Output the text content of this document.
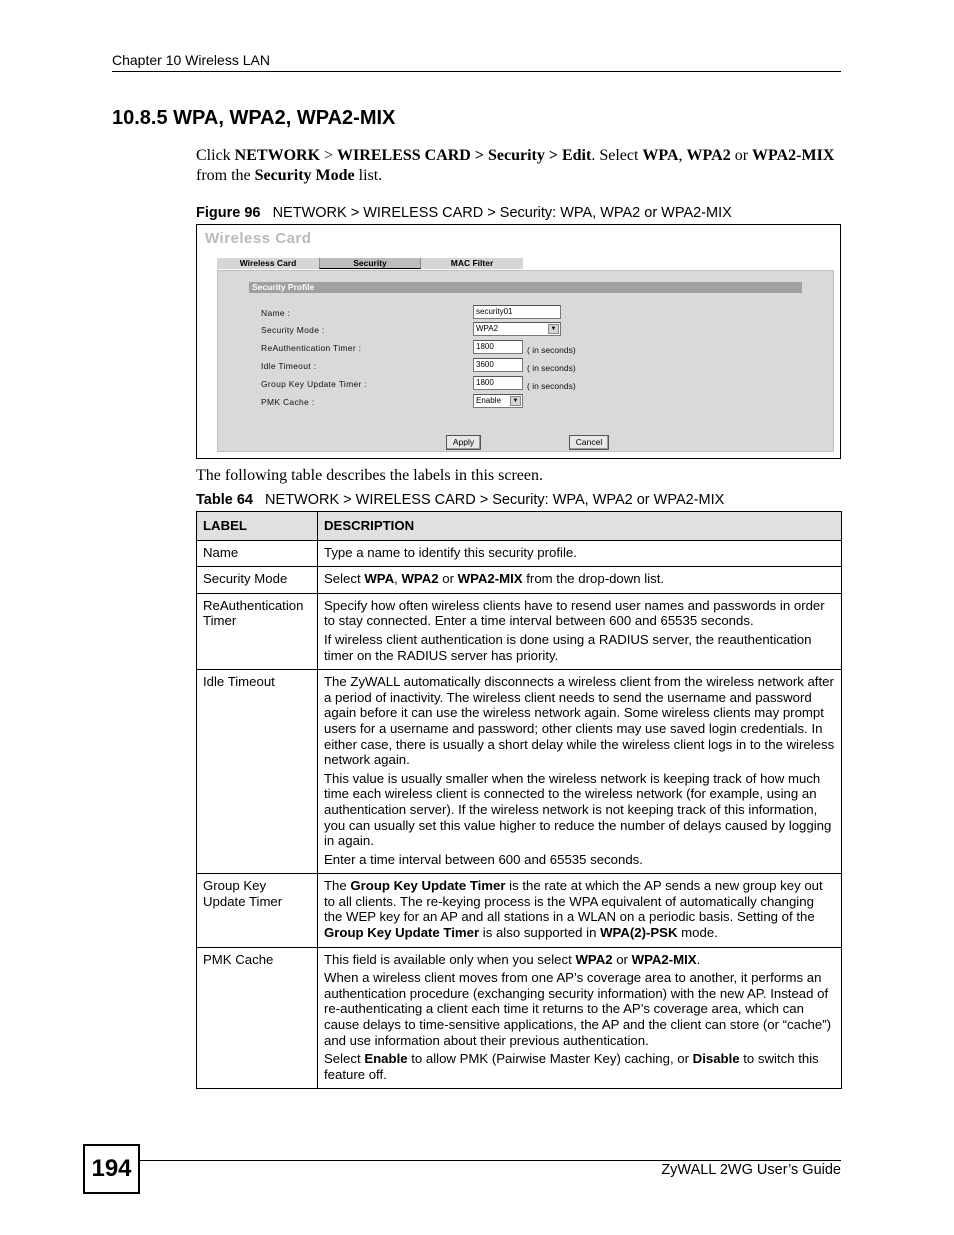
Chapter 10 Wireless LAN
10.8.5 WPA, WPA2, WPA2-MIX
Click NETWORK > WIRELESS CARD > Security > Edit. Select WPA, WPA2 or WPA2-MIX from the Security Mode list.
Figure 96 NETWORK > WIRELESS CARD > Security: WPA, WPA2 or WPA2-MIX
Wireless Card
Wireless Card	Security	MAC Filter
Security Profile
Name :	security01
Security Mode :	WPA2	▼
ReAuthentication Timer :	1800	( in seconds)
Idle Timeout :	3600	( in seconds)
Group Key Update Timer :	1800	( in seconds)
PMK Cache :	Enable	▼
Apply	Cancel
The following table describes the labels in this screen.
Table 64 NETWORK > WIRELESS CARD > Security: WPA, WPA2 or WPA2-MIX
LABEL	DESCRIPTION
Name	Type a name to identify this security profile.
Security Mode	Select WPA, WPA2 or WPA2-MIX from the drop-down list.
ReAuthentication Timer	Specify how often wireless clients have to resend user names and passwords in order to stay connected. Enter a time interval between 600 and 65535 seconds.

If wireless client authentication is done using a RADIUS server, the reauthentication timer on the RADIUS server has priority.

Idle Timeout	The ZyWALL automatically disconnects a wireless client from the wireless network after a period of inactivity. The wireless client needs to send the username and password again before it can use the wireless network again. Some wireless clients may prompt users for a username and password; other clients may use saved login credentials. In either case, there is usually a short delay while the wireless client logs in to the wireless network again.

This value is usually smaller when the wireless network is keeping track of how much time each wireless client is connected to the wireless network (for example, using an authentication server). If the wireless network is not keeping track of this information, you can usually set this value higher to reduce the number of delays caused by logging in again.

Enter a time interval between 600 and 65535 seconds.

Group Key Update Timer	The Group Key Update Timer is the rate at which the AP sends a new group key out to all clients. The re-keying process is the WPA equivalent of automatically changing the WEP key for an AP and all stations in a WLAN on a periodic basis. Setting of the Group Key Update Timer is also supported in WPA(2)-PSK mode.
PMK Cache	This field is available only when you select WPA2 or WPA2-MIX.

When a wireless client moves from one AP’s coverage area to another, it performs an authentication procedure (exchanging security information) with the new AP. Instead of re-authenticating a client each time it returns to the AP’s coverage area, which can cause delays to time-sensitive applications, the AP and the client can store (or “cache”) and use information about their previous authentication.

Select Enable to allow PMK (Pairwise Master Key) caching, or Disable to switch this feature off.

194	ZyWALL 2WG User’s Guide
